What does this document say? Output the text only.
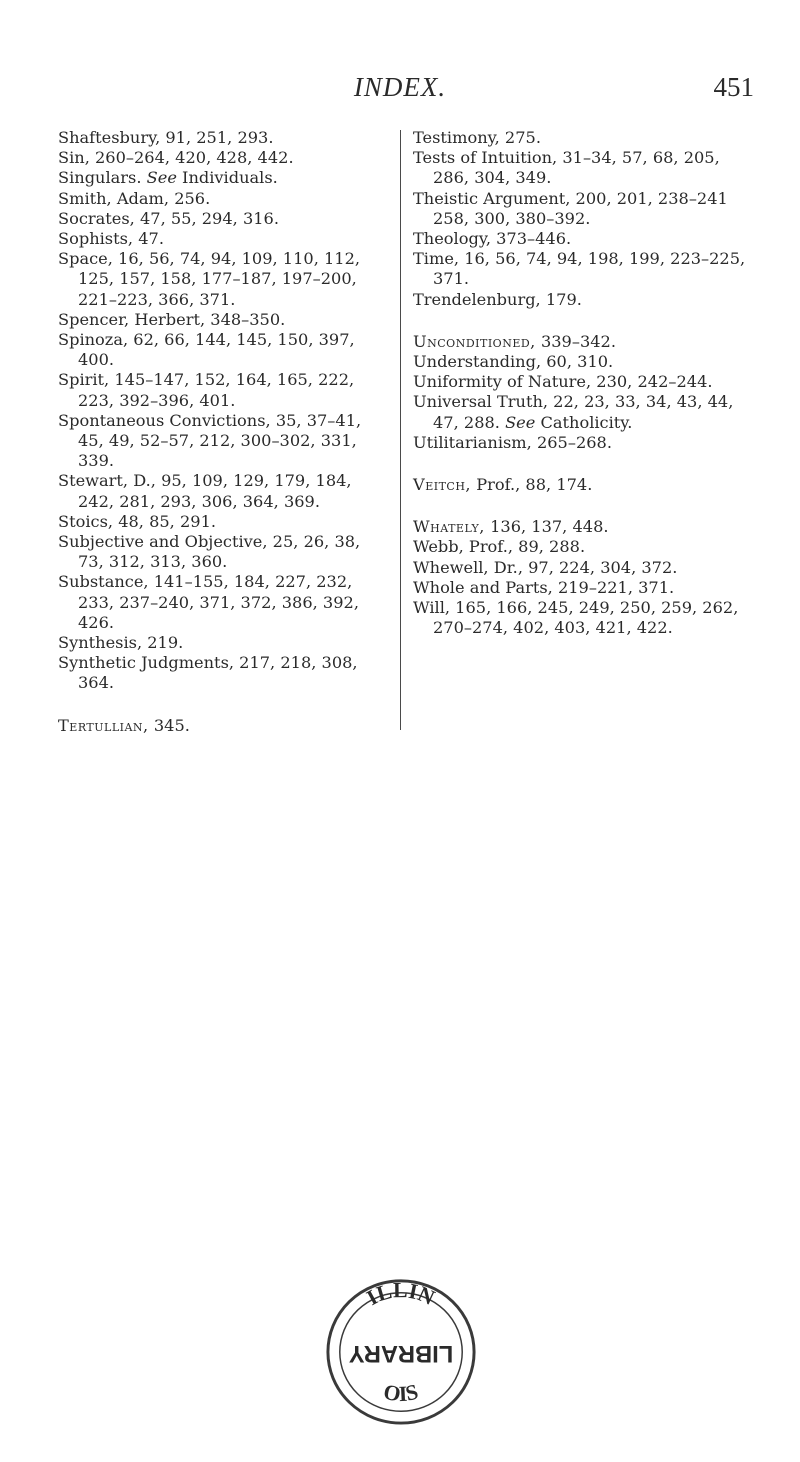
INDEX.	451
Shaftesbury, 91, 251, 293.
Sin, 260–264, 420, 428, 442.
Singulars. See Individuals.
Smith, Adam, 256.
Socrates, 47, 55, 294, 316.
Sophists, 47.
Space, 16, 56, 74, 94, 109, 110, 112, 125, 157, 158, 177–187, 197–200, 221–223, 366, 371.
Spencer, Herbert, 348–350.
Spinoza, 62, 66, 144, 145, 150, 397, 400.
Spirit, 145–147, 152, 164, 165, 222, 223, 392–396, 401.
Spontaneous Convictions, 35, 37–41, 45, 49, 52–57, 212, 300–302, 331, 339.
Stewart, D., 95, 109, 129, 179, 184, 242, 281, 293, 306, 364, 369.
Stoics, 48, 85, 291.
Subjective and Objective, 25, 26, 38, 73, 312, 313, 360.
Substance, 141–155, 184, 227, 232, 233, 237–240, 371, 372, 386, 392, 426.
Synthesis, 219.
Synthetic Judgments, 217, 218, 308, 364.
Tertullian, 345.
Testimony, 275.
Tests of Intuition, 31–34, 57, 68, 205, 286, 304, 349.
Theistic Argument, 200, 201, 238–241 258, 300, 380–392.
Theology, 373–446.
Time, 16, 56, 74, 94, 198, 199, 223–225, 371.
Trendelenburg, 179.
Unconditioned, 339–342.
Understanding, 60, 310.
Uniformity of Nature, 230, 242–244.
Universal Truth, 22, 23, 33, 34, 43, 44, 47, 288. See Catholicity.
Utilitarianism, 265–268.
Veitch, Prof., 88, 174.
Whately, 136, 137, 448.
Webb, Prof., 89, 288.
Whewell, Dr., 97, 224, 304, 372.
Whole and Parts, 219–221, 371.
Will, 165, 166, 245, 249, 250, 259, 262, 270–274, 402, 403, 421, 422.
ILLIN
LIBRARY
OIS
